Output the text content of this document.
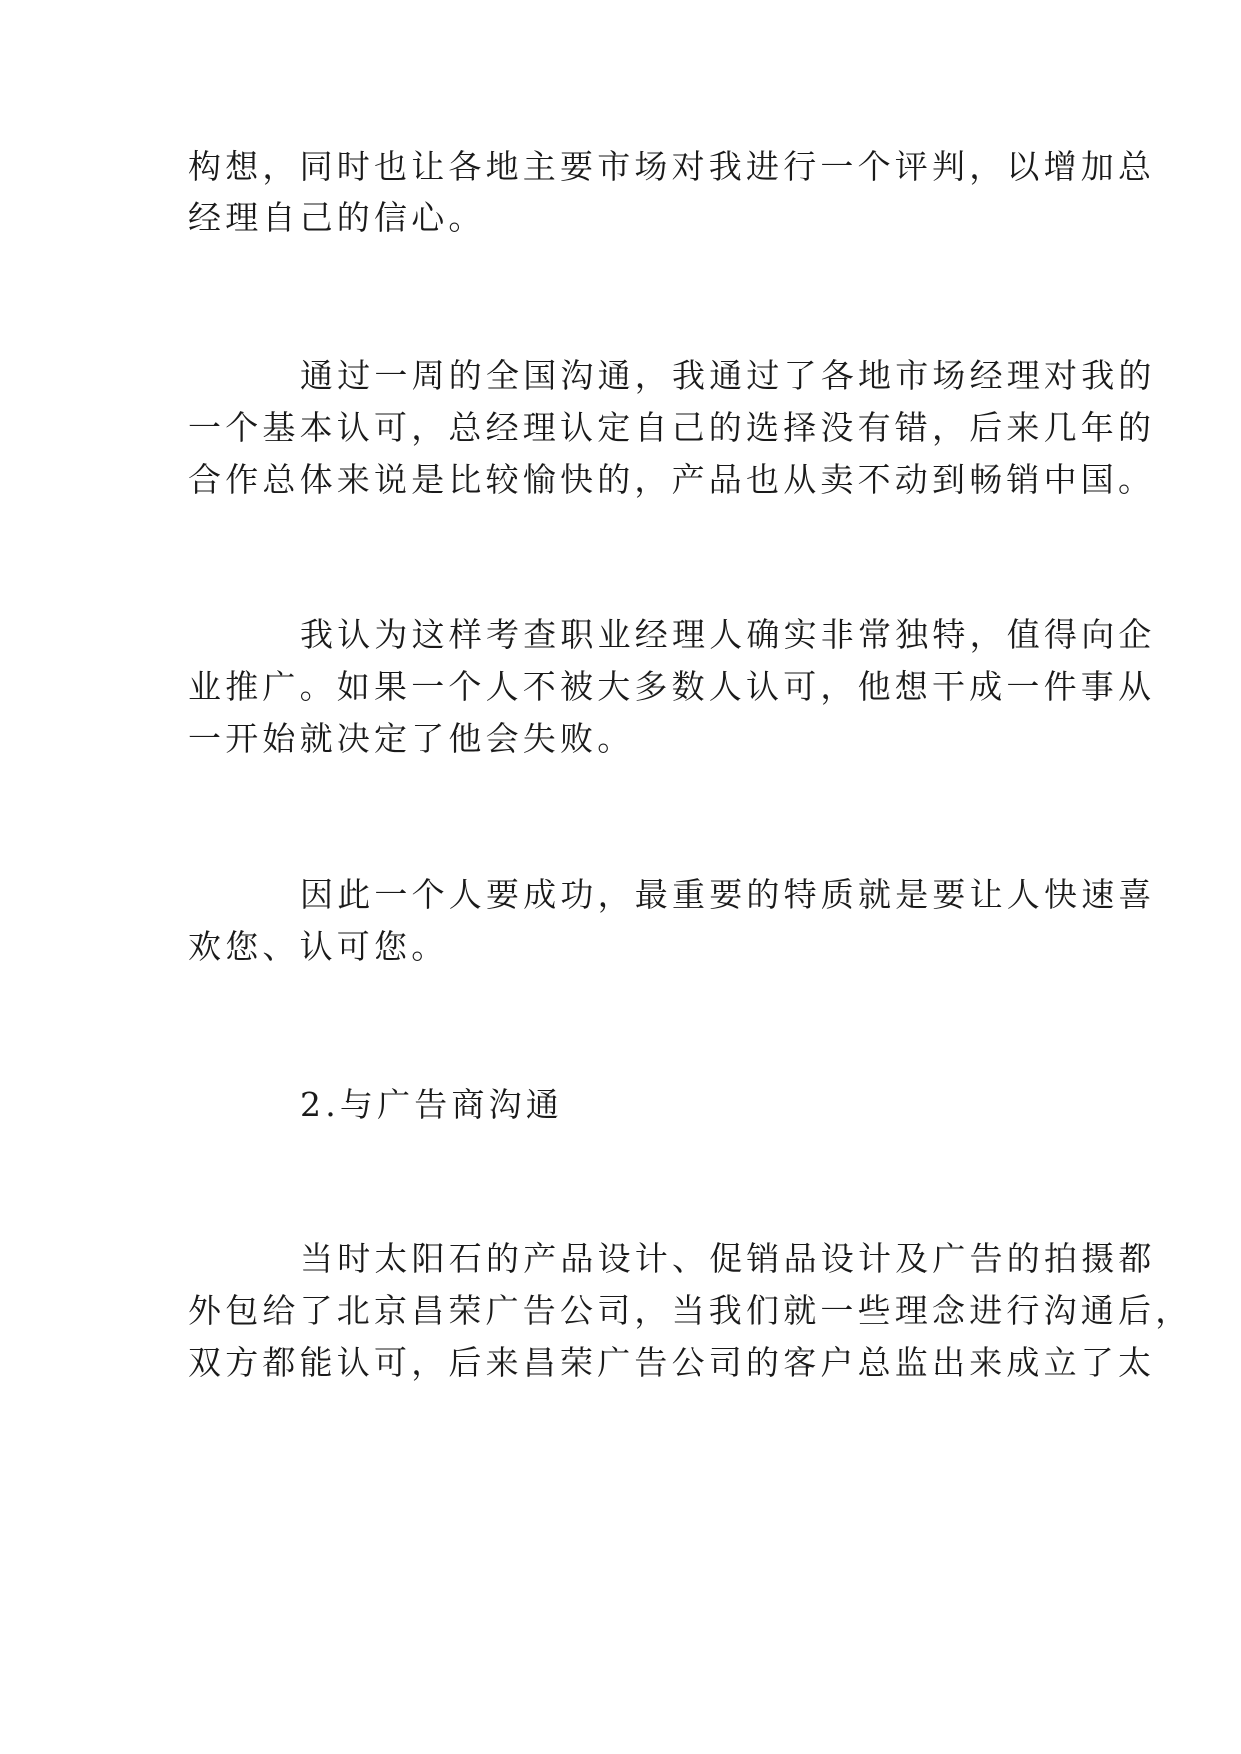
构想，同时也让各地主要市场对我进行一个评判，以增加总
经理自己的信心。
通过一周的全国沟通，我通过了各地市场经理对我的
一个基本认可，总经理认定自己的选择没有错，后来几年的
合作总体来说是比较愉快的，产品也从卖不动到畅销中国。
我认为这样考查职业经理人确实非常独特，值得向企
业推广。如果一个人不被大多数人认可，他想干成一件事从
一开始就决定了他会失败。
因此一个人要成功，最重要的特质就是要让人快速喜
欢您、认可您。
2.与广告商沟通
当时太阳石的产品设计、促销品设计及广告的拍摄都
外包给了北京昌荣广告公司，当我们就一些理念进行沟通后，
双方都能认可，后来昌荣广告公司的客户总监出来成立了太
